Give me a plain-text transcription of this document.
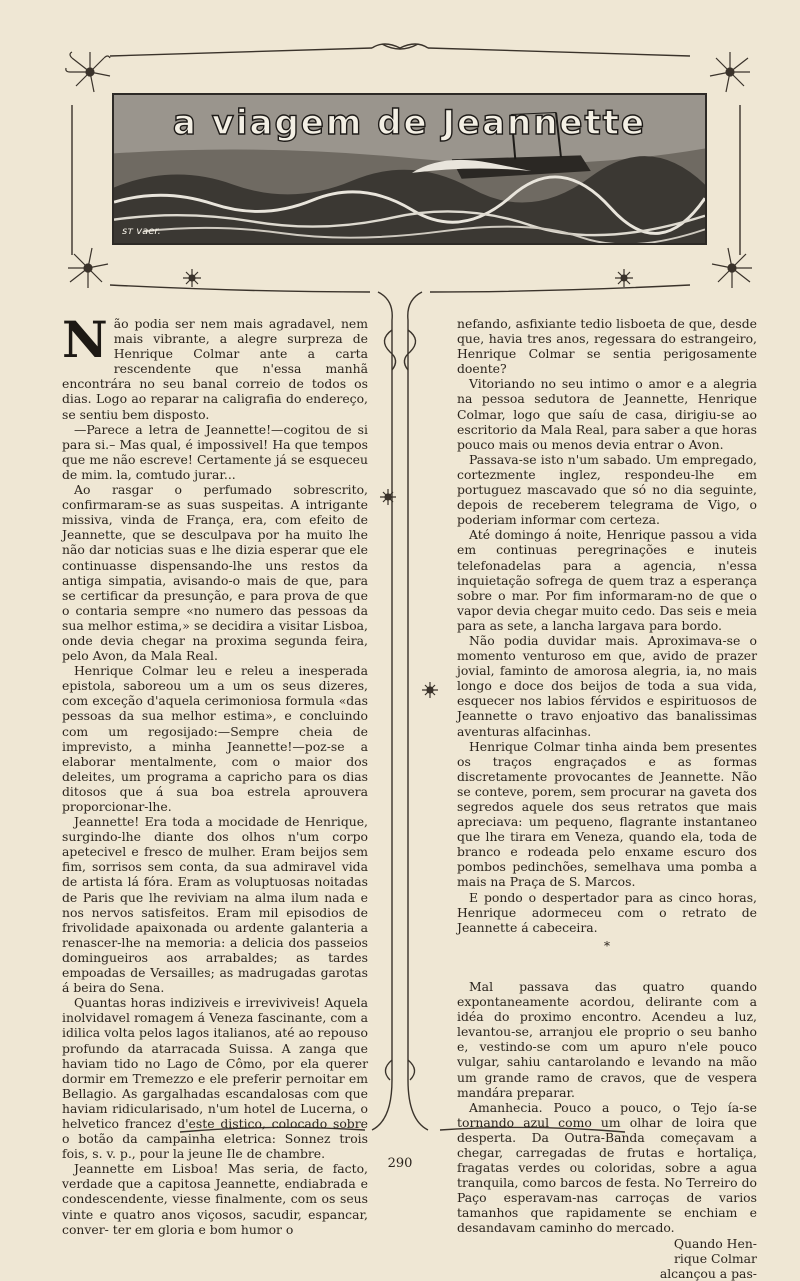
a viagem de Jeannette
sт vaer.

Não podia ser nem mais agradavel, nem mais vibrante, a alegre surpreza de Henrique Colmar ante a carta rescendente que n'essa manhã encontrára no seu banal correio de todos os dias. Logo ao reparar na caligrafia do endereço, se sentiu bem disposto.

—Parece a letra de Jeannette!—cogitou de si para si.– Mas qual, é impossivel! Ha que tempos que me não escreve! Certamente já se esqueceu de mim. la, comtudo jurar...

Ao rasgar o perfumado sobrescrito, confirmaram-se as suas suspeitas. A intrigante missiva, vinda de França, era, com efeito de Jeannette, que se desculpava por ha muito lhe não dar noticias suas e lhe dizia esperar que ele continuasse dispensando-lhe uns restos da antiga simpatia, avisando-o mais de que, para se certificar da presunção, e para prova de que o contaria sempre «no numero das pessoas da sua melhor estima,» se decidira a visitar Lisboa, onde devia chegar na proxima segunda feira, pelo Avon, da Mala Real.

Henrique Colmar leu e releu a inesperada epistola, saboreou um a um os seus dizeres, com exceção d'aquela cerimoniosa formula «das pessoas da sua melhor estima», e concluindo com um regosijado:—Sempre cheia de imprevisto, a minha Jeannette!—poz-se a elaborar mentalmente, com o maior dos deleites, um programa a capricho para os dias ditosos que á sua boa estrela aprouvera proporcionar-lhe.

Jeannette! Era toda a mocidade de Henrique, surgindo-lhe diante dos olhos n'um corpo apetecivel e fresco de mulher. Eram beijos sem fim, sorrisos sem conta, da sua admiravel vida de artista lá fóra. Eram as voluptuosas noitadas de Paris que lhe reviviam na alma ilum nada e nos nervos satisfeitos. Eram mil episodios de frivolidade apaixonada ou ardente galanteria a renascer-lhe na memoria: a delicia dos passeios domingueiros aos arrabaldes; as tardes empoadas de Versailles; as madrugadas garotas á beira do Sena.

Quantas horas indiziveis e irreviviveis! Aquela inolvidavel romagem á Veneza fascinante, com a idilica volta pelos lagos italianos, até ao repouso profundo da atarracada Suissa. A zanga que haviam tido no Lago de Cômo, por ela querer dormir em Tremezzo e ele preferir pernoitar em Bellagio. As gargalhadas escandalosas com que haviam ridicularisado, n'um hotel de Lucerna, o helvetico francez d'este distico, colocado sobre o botão da campainha eletrica: Sonnez trois fois, s. v. p., pour la jeune Ile de chambre.

Jeannette em Lisboa! Mas seria, de facto, verdade que a capitosa Jeannette, endiabrada e condescendente, viesse finalmente, com os seus vinte e quatro anos viçosos, sacudir, espancar, conver- ter em gloria e bom humor o

nefando, asfixiante tedio lisboeta de que, desde que, havia tres anos, regessara do estrangeiro, Henrique Colmar se sentia perigosamente doente?

Vitoriando no seu intimo o amor e a alegria na pessoa sedutora de Jeannette, Henrique Colmar, logo que saíu de casa, dirigiu-se ao escritorio da Mala Real, para saber a que horas pouco mais ou menos devia entrar o Avon.

Passava-se isto n'um sabado. Um empregado, cortezmente inglez, respondeu-lhe em portuguez mascavado que só no dia seguinte, depois de receberem telegrama de Vigo, o poderiam informar com certeza.

Até domingo á noite, Henrique passou a vida em continuas peregrinações e inuteis telefonadelas para a agencia, n'essa inquietação sofrega de quem traz a esperança sobre o mar. Por fim informaram-no de que o vapor devia chegar muito cedo. Das seis e meia para as sete, a lancha largava para bordo.

Não podia duvidar mais. Aproximava-se o momento venturoso em que, avido de prazer jovial, faminto de amorosa alegria, ia, no mais longo e doce dos beijos de toda a sua vida, esquecer nos labios férvidos e espirituosos de Jeannette o travo enjoativo das banalissimas aventuras alfacinhas.

Henrique Colmar tinha ainda bem presentes os traços engraçados e as formas discretamente provocantes de Jeannette. Não se conteve, porem, sem procurar na gaveta dos segredos aquele dos seus retratos que mais apreciava: um pequeno, flagrante instantaneo que lhe tirara em Veneza, quando ela, toda de branco e rodeada pelo enxame escuro dos pombos pedinchões, semelhava uma pomba a mais na Praça de S. Marcos.

E pondo o despertador para as cinco horas, Henrique adormeceu com o retrato de Jeannette á cabeceira.

*

Mal passava das quatro quando expontaneamente acordou, delirante com a idéa do proximo encontro. Acendeu a luz, levantou-se, arranjou ele proprio o seu banho e, vestindo-se com um apuro n'ele pouco vulgar, sahiu cantarolando e levando na mão um grande ramo de cravos, que de vespera mandára preparar.

Amanhecia. Pouco a pouco, o Tejo ía-se tornando azul como um olhar de loira que desperta. Da Outra-Banda começavam a chegar, carregadas de frutas e hortaliça, fragatas verdes ou coloridas, sobre a agua tranquila, como barcos de festa. No Terreiro do Paço esperavam-nas carroças de varios tamanhos que rapidamente se enchiam e desandavam caminho do mercado.

Quando Hen-
rique Colmar
alcançou a pas-
290
